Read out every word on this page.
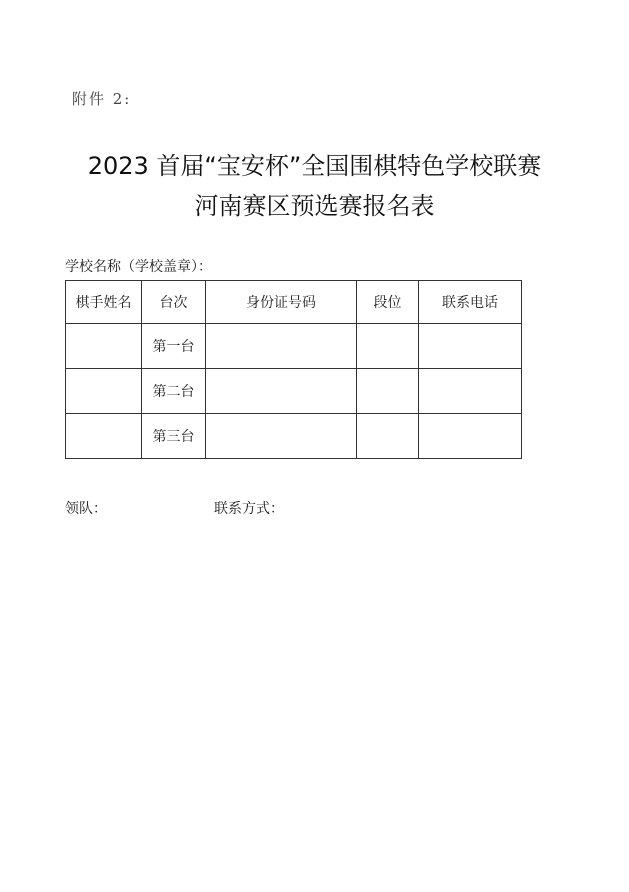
附件 2:
2023 首届“宝安杯”全国围棋特色学校联赛
河南赛区预选赛报名表
学校名称（学校盖章）：
棋手姓名	台次	身份证号码	段位	联系电话
	第一台			
	第二台			
	第三台			
领队：	联系方式：
